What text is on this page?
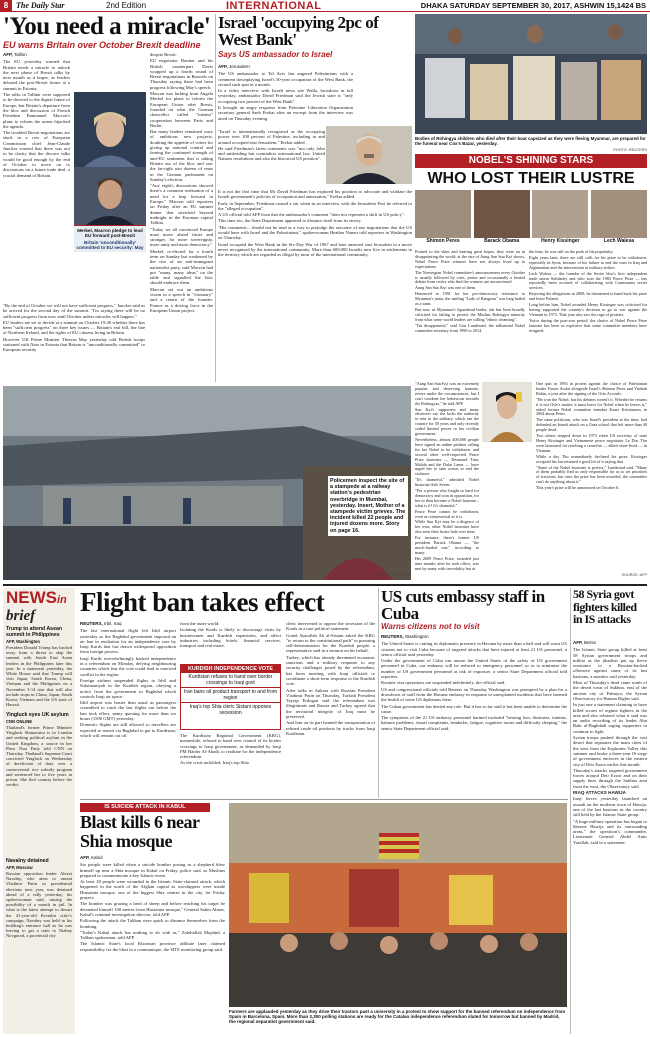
8 The Daily Star	2nd Edition	INTERNATIONAL	DHAKA SATURDAY SEPTEMBER 30, 2017, ASHWIN 15,1424 BS
'You need a miracle'
EU warns Britain over October Brexit deadline
AFP, Tallinn

The EU yesterday warned that Britain needs a miracle to unlock the next phase of Brexit talks by next month as it hopes, as leaders debated the post-Brexit future at a summit in Estonia.

The talks in Tallinn were supposed to be devoted to the digital future of Europe, but Britain's departure from the bloc and discussion of French President Emmanuel Macron's plans to reform the union hijacked the agenda.

The troubled Brexit negotiations are stuck in a row of European Commission chief Jean-Claude Juncker warned that there was not to be clarity that the divorce talks would be good enough by the end of October to move on to discussions on a future trade deal, a crucial demand of Britain.

"By the end of October we will not have sufficient progress," Juncker said as he arrived for the second day of the summit. "I'm saying there will be no sufficient progress from now until October unless miracles will happen."

EU leaders are set to decide at a summit on October 19-20 whether there has been "sufficient progress" on three key issues — Britain's exit bill, the fate of Northern Ireland, and the rights of EU citizens living in Britain.

However UK Prime Minister Theresa May yesterday told British troops stationed with Nato in Estonia that Britain is "unconditionally committed" to European security

Merkel, Macron pledge to lead EU forward post-Brexit
Britain 'unconditionally' committed to EU security: May

despite Brexit.

EU negotiator Barnier and his British counterpart Davis wrapped up a fourth round of Brexit negotiations in Brussels on Thursday saying there had been progress following May's speech.

Macron was lurking from Angela Merkel for plans to reform the European Union after Brexit, founded on what the German chancellor called "intense" cooperation between Paris and Berlin.

But many leaders remained wary of ambitious new projects, doubting the appetite of voters for giving up national control and fearing the continued strength of anti-EU sentiment that is taking Britain out of the bloc and saw the far-right win dozens of seats in the German parliament on Sunday's election.

"Any eight's discussions showed there's a common realisation of a need for a leap forward in Europe," Macron told reporters on Friday after an EU summit dinner that stretched beyond midnight in the Estonian capital Tallinn.

"Today we all convinced Europe must move ahead faster and stronger, for more sovereignty, more unity and more democracy."

Merkel, re-elected for a fourth term on Sunday but weakened by the rise of an anti-immigrant nationalist party, said Macron had put "many, many ideas" on the table and signalled the bloc should embrace them.

Macron set out an ambitious vision in a speech in "visionary" and a return of the founder. France as a driving force in the European Union project.

Israel 'occupying 2pc of West Bank'
Says US ambassador to Israel
AFP, Jerusalem

The US ambassador to Tel Aviv has angered Palestinians with a comment downplaying Israel's 50-year occupation of the West Bank, the second such spat in a month.

In a video interview with Israeli news site Walla, broadcast in full yesterday, ambassador David Friedman said the Jewish state is "only occupying two percent of the West Bank".

It brought an angry response from Palestine Liberation Organization secretary general Saeb Erekat after an excerpt from the interview was aired on Thursday evening.

"Israel is internationally recognised as the occupying power over 100 percent of Palestine, including in and around occupied east Jerusalem," Erekat added.

He said Friedman's latest comments was "not only false and misleading but contradicts international law, United Nations resolutions and also the historical US position".

It is not the first time that Mr David Friedman has explored his position to advocate and validate the Israeli government's policies of occupation and annexation," Erekat added.

Early in September, Friedman caused a stir when in an interview with the Jerusalem Post he referred to the "alleged occupation".

A US official told AFP from that the ambassador's comment "does not represent a shift in US policy".

This time too, the State Department appeared to distance itself from its envoy.

"His comments... should not be read as a way to prejudge the outcome of any negotiations that the US would have with Israel and the Palestinians," spokeswoman Heather Nauert told reporters in Washington on Thursday.

Israel occupied the West Bank in the Six-Day War of 1967 and later annexed east Jerusalem in a move never recognised by the international community. More than 600,000 Israelis now live in settlements in the territory which are regarded as illegal by most of the international community.

Bodies of Rohingya children who died after their boat capsized as they were fleeing Myanmar, are prepared for the funeral near Cox's Bazar, yesterday.
PHOTO: REUTERS
NOBEL'S SHINING STARS
WHO LOST THEIR LUSTRE
Shimon Peres	Barack Obama	Henry Kissinger	Lech Walesa

Praised to the skies and bearing great hopes, they were an in disappointing the world: at the rate of Aung San Suu Kyi shows, Nobel Peace Prize winners have not always lived up to expectations.

The Norwegian Nobel committee's announcement every October is usually followed by cries, praise and occasionally a heated debate from critics who find the winners are unconvinced.

Aung San Suu Kyi was one of them.

Honoured in 1991 for her pro-democracy resistance to Myanmar's junta, the smiling "Lady of Rangoon" was long hailed as a saint.

But now, as Myanmar's figurehead leader, she has been broadly criticised for failing to protect the Muslim Rohingya minority from what some world leaders are calling "ethnic cleansing".

"I'm disappointed," said Geir Lundestad, the influential Nobel committee secretary from 1990 to 2014.

"Aung San Suu Kyi was an extremely popular and deserving laureate, revere under the circumstances, but I can't condone her behaviour towards the Rohingyas," he told AFP.

Suu Kyi's supporters and many observers say she lacks the authority to rein in the military, which ran the country for 50 years and only recently ceded limited power to her civilian government.

Nevertheless, almost 400,000 people have signed an online petition calling for her Nobel to be withdrawn, and several other well-respected Peace Prize laureates — Desmond Tutu, Malala and the Dalai Lama — have urged her to take action to end the violence.

"It's shameful," admitted Nobel historian Asle Sveen.

"For a person who fought so hard for democracy and won in opposition, for her to then become a Nobel laureate... what is it? It's shameful."

Peace Prize cannot be withdrawn, even as controversial as it is.

While Suu Kyi may be a disgrace of her own, other Nobel laureates have also seen their lustre fade over time.

For instance, there's former US president Barack Obama — "the much-lauded one," according to many.

His 2009 Peace Prize, awarded just nine months after he took office, was met by many with incredulity but at

the time, he was still on the peak of his popularity.

Eight years later, there are still calls for his prize to be withdrawn, especially in Syria, because of his failure to end the wars in Iraq and Afghanistan and the intervention in military strikes.

Lech Walesa — the founder of the Soviet bloc's first independent trade union Solidarity and who won the 1983 Peace Prize — has reportedly been accused of collaborating with Communist secret services.

Rejecting the allegations in 2008, he threatened to hand back his prize and leave Poland.

Long before him, Nobel awarded Henry Kissinger was criticised for having supported the country's decision to go to war against the Vietnam in 1973. That year also saw the rage of protests.

Twice during the post-war period, the choice of Nobel Peace Prize laureate has been so explosive that some committee members have resigned.

One quit in 1994 in protest against the choice of Palestinian leader Yasser Arafat alongside Israel's Shimon Peres and Yitzhak Rabin, a year after the signing of the Oslo Accords.

"He won the Nobel, but his debates weren't it. Whether he returns it is not Oslo's matter, it must leave for Nobel when he leaves it," asked former Nobel committee member Kaare Kristiansen, in 2004 about Peres.

The same politician, who was Israel's president at the time, had defended an Israeli attack on a Gaza school that left more than 40 people dead.

Two others stepped down in 1973 when US secretary of state Henry Kissinger and Vietnamese peace negotiator Le Duc Tho were honoured for reaching a ceasefire — albeit short-lived — in Vietnam.

While a day Tho immediately declined his prize, Kissinger accepted his but returned a good bit of it saying that

"Some of the Nobel laureates is perfect," Lundestad said. "Many of them probably find us only responsible for us to set priorities of fractions, but once the prize has been awarded, the committee can't do anything about it."

This year's prize will be announced on October 6.

SOURCE: AFP
Policemen inspect the site of a stampede at a railway station's pedestrian overbridge in Mumbai, yesterday. Insert, Mother of a stampede victim grieves. The incident killed 22 people and injured dozens more. Story on page 16.
PHOTO: REUTERS
NEWSin
brief
Trump to attend Asean summit in Philippines
AFP, Washington
President Donald Trump has backed away from a threat to skip the summit with South East Asian leaders in the Philippines later this year. In a statement yesterday, the White House said that Trump will visit Japan, South Korea, China, Vietnam and the Philippines on a November 3-14 tour that will also include stops in China, Japan, South Korea, Vietnam and the US state of Hawaii.
Yingluck eyes UK asylum
CNN ONLINE
Thailand's former Prime Minister Yingluck Shinawatra is in London and seeking political asylum in the United Kingdom, a source in her Pheu Thai Party told CNN on Thursday. Thailand's Supreme Court convicted Yingluck on Wednesday of dereliction of duty over a controversial rice subsidy program and sentenced her to five years in prison. She fled country before the verdict.
Navalny detained
AFP, Moscow
Russian opposition leader Alexei Navalny, who aims to unseat Vladimir Putin in presidential elections next year, was detained ahead of a rally yesterday, his spokeswoman said, raising the possibility of a month in jail. In what is the latest attempt to thwart the 41-year-old Kremlin critic's campaign, Navalny was held in his building's entrance hall as he was leaving to get a train to Nizhny Novgorod, a provincial city.
Flight ban takes effect
REUTERS, Irbil, Iraq

The last international flight left Irbil airport yesterday as the Baghdad government imposed an air ban in retaliation for an independence vote by Iraqi Kurds that has drawn widespread opposition from foreign powers.

Iraqi Kurds overwhelmingly backed independence in a referendum on Monday, defying neighbouring countries which fear the vote could lead to renewed conflict in the region.

Foreign airlines suspended flights to Irbil and Sulaimaniyah in the Kurdish region, obeying a notice from the government in Baghdad which controls Iraqi air space.

Irbil airport was busier than usual as passengers scrambled to catch the last flights out before the ban took effect, many queuing for more than six hours (1500 GMT) yesterday.

Domestic flights are still allowed so travellers are expected to transit via Baghdad to get to Kurdistan, which will remain cut off

from the outer world.

Isolating the Kurds is likely to discourage visits by businessmen and Kurdish expatriates, and affect industries including hotels, financial services, transport and real estate.

KURDISH INDEPENDENCE VOTE
Kurdistan refuses to hand over border crossings to Iraqi govt
Iran bans oil product transport to and from region
Iraq's top Shia cleric Sistani opposes secession

The Kurdistan Regional Government (KRG), meanwhile, refused to hand over control of its border crossings to Iraqi government, as demanded by Iraqi PM Haider Al-Abadi, to retaliate for the independence referendum.

As the crisis unfolded, Iraq's top Shia

cleric intervened to oppose the secession of the Kurds in a rare political statement.

Grand Ayatollah Ali al-Sistani asked the KRG "to return to the constitutional path" in pursuing self-determination for the Kurdish people, a representative said in a sermon on his behalf.

Turkey, which has already threatened economic sanctions and a military response to any security challenges posed by the referendum, has been meeting with Iraqi officials to coordinate a short-term response to the Kurdish vote.

After talks in Ankara with Russian President Vladimir Putin on Thursday, Turkish President Tayyip Erdogan said the referendum was illegitimate and Russia and Turkey agreed that the territorial integrity of Iraq must be preserved.

And Iran on its part banned the transportation of refined crude oil products by trucks from Iraqi Kurdistan.

US cuts embassy staff in Cuba
Warns citizens not to visit
REUTERS, Washington

The United States is cutting its diplomatic presence in Havana by more than a half and will warn US citizens not to visit Cuba because of targeted attacks that have injured at least 21 US personnel, a senior official said yesterday.

Under the government of Cuba can assure the United States of the safety of US government personnel in Cuba, our embassy will be reduced to emergency personnel so as to minimize the number of US government personnel at risk of exposure, a senior State Department official told reporters.

Routine visa operations are suspended indefinitely, the official said.

US and congressional officials told Reuters on Thursday Washington was prompted by a plan for a drawdown of staff from the Havana embassy in response to unexplained incidents that have harmed the health of some US diplomats there.

The Cuban government has denied any role. But it has so far said it has been unable to determine the cause.

The symptoms of the 21 US embassy personnel harmed included "hearing loss, dizziness, tinnitus, balance problems, visual complaints, headache, fatigue, cognitive issues and difficulty sleeping," the senior State Department official said.

58 Syria govt fighters killed in IS attacks
AFP, Beirut

The Islamic State group killed at least 58 Syrian government troops and militia as the jihadists put up fierce resistance to a Russian-backed offensive against some of its last bastions, a monitor said yesterday.

Most of Thursday's dead came south of the desert town of Sukhna, east of the ancient city of Palmyra, the Syrian Observatory for Human Rights said.

In just one a statement claiming to have killed scores of regime fighters in the area and also released what it said was an audio recording of its leader Abu Bakr al-Baghdadi urging supporters to continue to fight.

Syrian troops pushed through the vast desert that separates the main cities of the west from the Euphrates Valley this summer and broke a three-year IS siege of government enclaves in the eastern city of Deir Ezzor earlier this month.

Thursday's attacks targeted government forces around Deir Ezzor and on their supply lines through the Sukhna area from the west, the Observatory said.

IRAQ ATTACKS HAWIJA

Iraqi forces yesterday launched an assault on the northern town of Hawija, one of the last bastions in the country still held by the Islamic State group.

"A huge military operation has begun to liberate Hawija and its surrounding areas," the operation's commander, Lieutenant General Abdel Amir Yarallah, said in a statement.

IS SUICIDE ATTACK IN KABUL
Blast kills 6 near Shia mosque
AFP, Kabul

Six people were killed when a suicide bomber posing as a shepherd blew himself up near a Shia mosque in Kabul on Friday, police said, as Muslims prepared to commemorate a key Islamic event.

At least 20 people were wounded in the Islamic State-claimed attack, which happened in the north of the Afghan capital as worshippers were inside Hussainia mosque, one of the biggest Shia centres in the city, for Friday prayers.

The bomber was grazing a herd of sheep and before reaching his target he detonated himself 100 metres from Hussainia mosque," General Salim Almas, Kabul's criminal investigation director, told AFP.

Following the attack the Taliban were quick to distance themselves from the bombing.

"Today's Kabul attack has nothing to do with us," Zabihullah Mujahid, a Taliban spokesman, told AFP.

The Islamic State's local Khorasan province affiliate later claimed responsibility for the blast in a communique, the SITE monitoring group said.

Farmers are applauded yesterday as they drive their tractors past a university in a protest to show support for the banned referendum on independence from Spain in Barcelona, Spain. More than 2,300 polling stations are ready for the Catalan independence referendum slated for tomorrow but banned by Madrid, the regional separatist government said.
